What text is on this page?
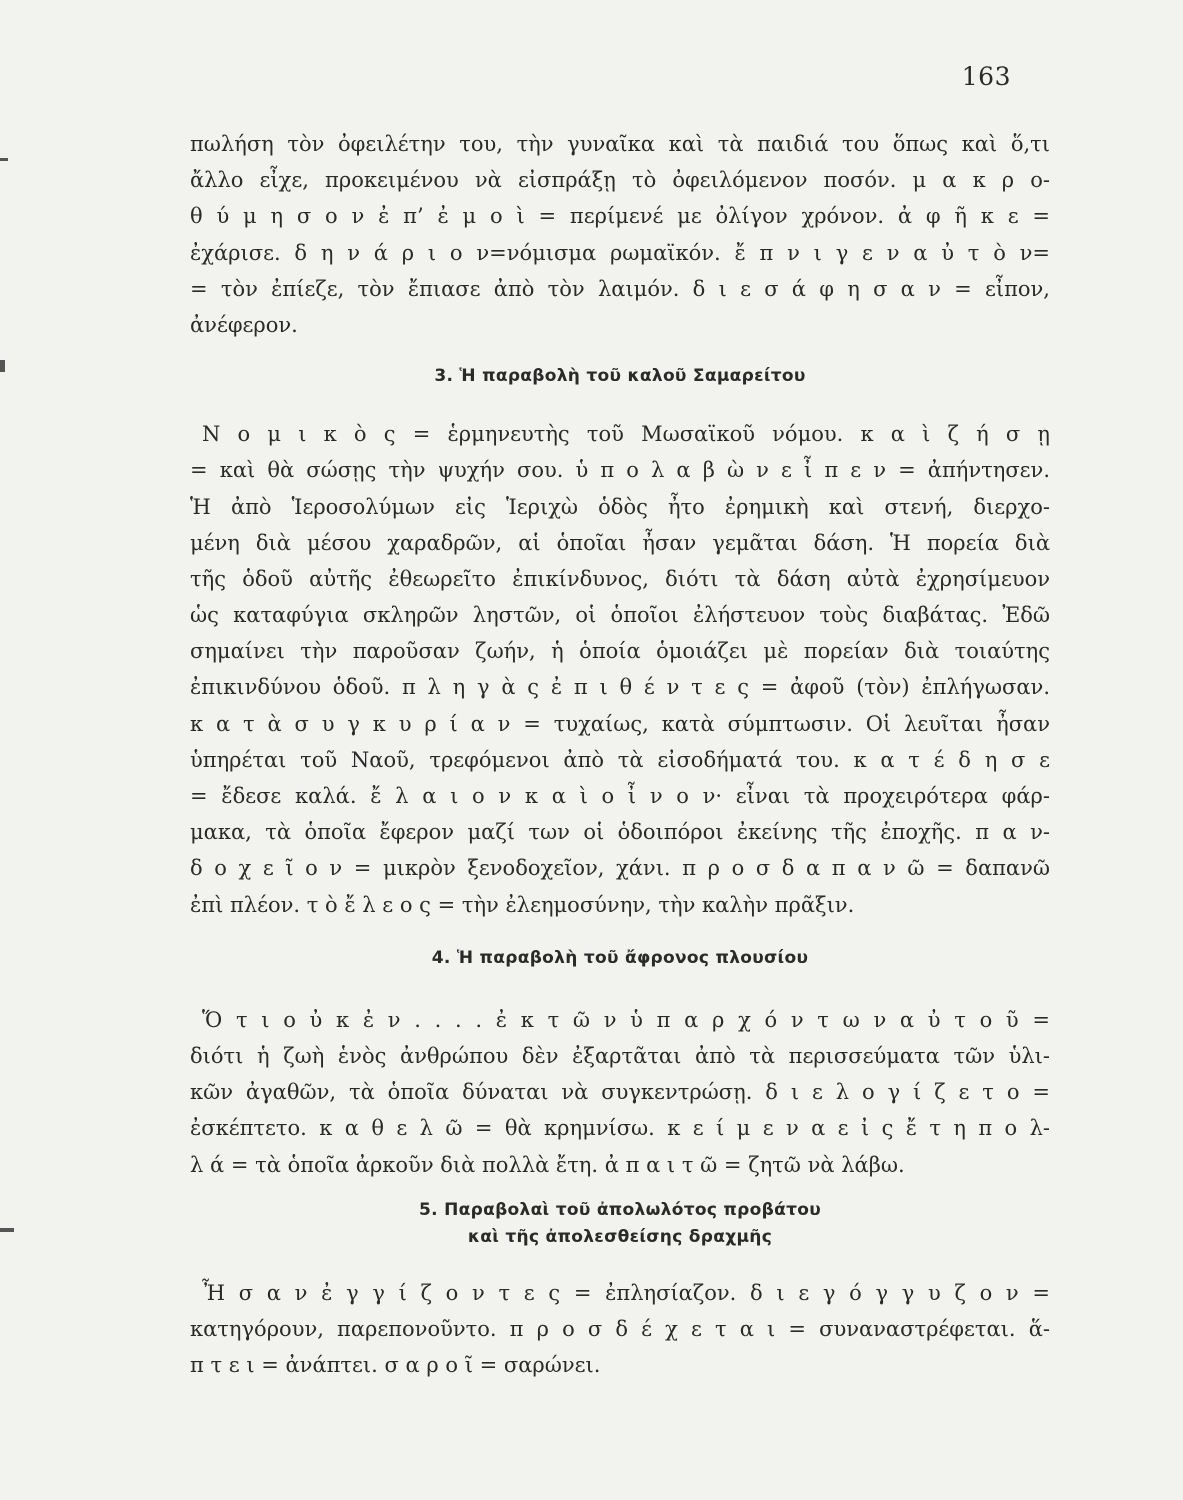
163
πωλήση τὸν ὀφειλέτην του, τὴν γυναῖκα καὶ τὰ παιδιά του ὅπως καὶ ὅ,τι
ἄλλο εἶχε, προκειμένου νὰ εἰσπράξῃ τὸ ὀφειλόμενον ποσόν. μ α κ ρ ο-
θ ύ μ η σ ο ν ἐ π’ ἐ μ ο ὶ = περίμενέ με ὀλίγον χρόνον. ἀ φ ῆ κ ε =
ἐχάρισε. δ η ν ά ρ ι ο ν=νόμισμα ρωμαϊκόν. ἔ π ν ι γ ε ν α ὐ τ ὸ ν=
= τὸν ἐπίεζε, τὸν ἔπιασε ἀπὸ τὸν λαιμόν. δ ι ε σ ά φ η σ α ν = εἶπον,
ἀνέφερον.
3. Ἡ παραβολὴ τοῦ καλοῦ Σαμαρείτου
Ν ο μ ι κ ὸ ς = ἑρμηνευτὴς τοῦ Μωσαϊκοῦ νόμου. κ α ὶ ζ ή σ ῃ
= καὶ θὰ σώσῃς τὴν ψυχήν σου. ὑ π ο λ α β ὼ ν ε ἶ π ε ν = ἀπήντησεν.
Ἡ ἀπὸ Ἱεροσολύμων εἰς Ἱεριχὼ ὁδὸς ἦτο ἐρημικὴ καὶ στενή, διερχο-
μένη διὰ μέσου χαραδρῶν, αἱ ὁποῖαι ἦσαν γεμᾶται δάση. Ἡ πορεία διὰ
τῆς ὁδοῦ αὐτῆς ἐθεωρεῖτο ἐπικίνδυνος, διότι τὰ δάση αὐτὰ ἐχρησίμευον
ὡς καταφύγια σκληρῶν ληστῶν, οἱ ὁποῖοι ἐλήστευον τοὺς διαβάτας. Ἐδῶ
σημαίνει τὴν παροῦσαν ζωήν, ἡ ὁποία ὁμοιάζει μὲ πορείαν διὰ τοιαύτης
ἐπικινδύνου ὁδοῦ. π λ η γ ὰ ς ἐ π ι θ έ ν τ ε ς = ἀφοῦ (τὸν) ἐπλήγωσαν.
κ α τ ὰ σ υ γ κ υ ρ ί α ν = τυχαίως, κατὰ σύμπτωσιν. Οἱ λευῖται ἦσαν
ὑπηρέται τοῦ Ναοῦ, τρεφόμενοι ἀπὸ τὰ εἰσοδήματά του. κ α τ έ δ η σ ε
= ἔδεσε καλά. ἔ λ α ι ο ν κ α ὶ ο ἶ ν ο ν· εἶναι τὰ προχειρότερα φάρ-
μακα, τὰ ὁποῖα ἔφερον μαζί των οἱ ὁδοιπόροι ἐκείνης τῆς ἐποχῆς. π α ν-
δ ο χ ε ῖ ο ν = μικρὸν ξενοδοχεῖον, χάνι. π ρ ο σ δ α π α ν ῶ = δαπανῶ
ἐπὶ πλέον. τ ὸ ἔ λ ε ο ς = τὴν ἐλεημοσύνην, τὴν καλὴν πρᾶξιν.
4. Ἡ παραβολὴ τοῦ ἄφρονος πλουσίου
Ὅ τ ι ο ὐ κ ἐ ν . . . . ἐ κ τ ῶ ν ὑ π α ρ χ ό ν τ ω ν α ὐ τ ο ῦ =
διότι ἡ ζωὴ ἑνὸς ἀνθρώπου δὲν ἐξαρτᾶται ἀπὸ τὰ περισσεύματα τῶν ὑλι-
κῶν ἀγαθῶν, τὰ ὁποῖα δύναται νὰ συγκεντρώσῃ. δ ι ε λ ο γ ί ζ ε τ ο =
ἐσκέπτετο. κ α θ ε λ ῶ = θὰ κρημνίσω. κ ε ί μ ε ν α ε ἰ ς ἔ τ η π ο λ-
λ ά = τὰ ὁποῖα ἀρκοῦν διὰ πολλὰ ἔτη. ἀ π α ι τ ῶ = ζητῶ νὰ λάβω.
5. Παραβολαὶ τοῦ ἀπολωλότος προβάτου
καὶ τῆς ἀπολεσθείσης δραχμῆς
Ἦ σ α ν ἐ γ γ ί ζ ο ν τ ε ς = ἐπλησίαζον. δ ι ε γ ό γ γ υ ζ ο ν =
κατηγόρουν, παρεπονοῦντο. π ρ ο σ δ έ χ ε τ α ι = συναναστρέφεται. ἅ-
π τ ε ι = ἀνάπτει. σ α ρ ο ῖ = σαρώνει.
